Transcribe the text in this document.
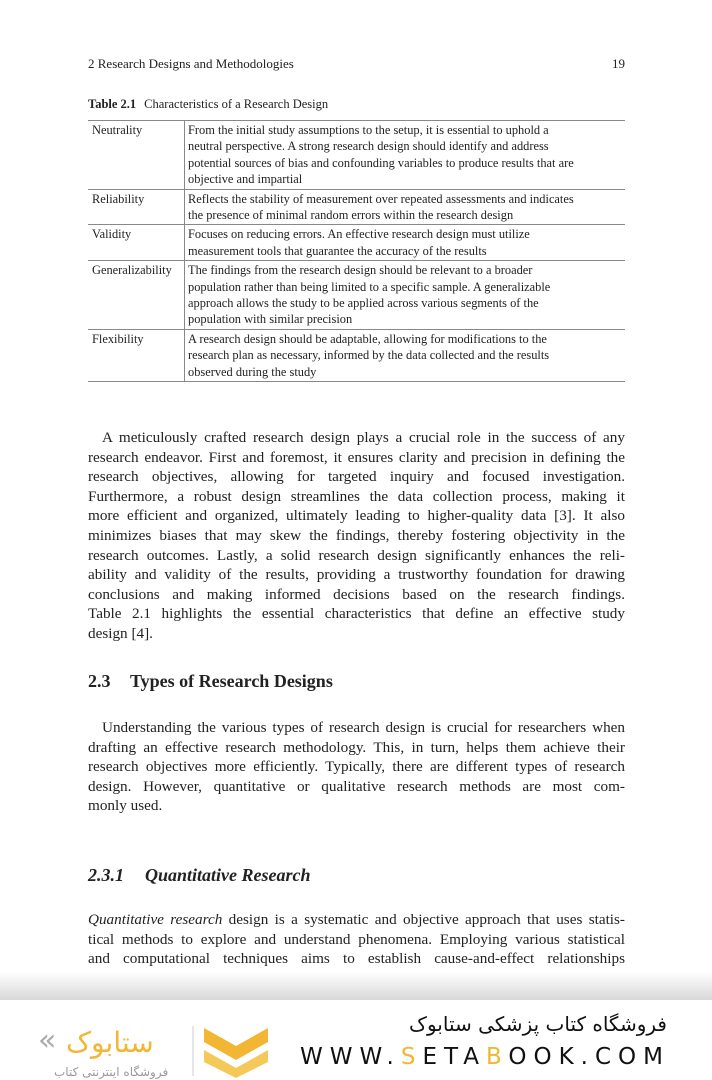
2 Research Designs and Methodologies	19
Table 2.1 Characteristics of a Research Design
Neutrality	From the initial study assumptions to the setup, it is essential to uphold a
neutral perspective. A strong research design should identify and address
potential sources of bias and confounding variables to produce results that are
objective and impartial

Reliability	Reflects the stability of measurement over repeated assessments and indicates
the presence of minimal random errors within the research design

Validity	Focuses on reducing errors. An effective research design must utilize
measurement tools that guarantee the accuracy of the results

Generalizability	The findings from the research design should be relevant to a broader
population rather than being limited to a specific sample. A generalizable
approach allows the study to be applied across various segments of the
population with similar precision

Flexibility	A research design should be adaptable, allowing for modifications to the
research plan as necessary, informed by the data collected and the results
observed during the study
A meticulously crafted research design plays a crucial role in the success of any
research endeavor. First and foremost, it ensures clarity and precision in defining the
research objectives, allowing for targeted inquiry and focused investigation.
Furthermore, a robust design streamlines the data collection process, making it
more efficient and organized, ultimately leading to higher-quality data [3]. It also
minimizes biases that may skew the findings, thereby fostering objectivity in the
research outcomes. Lastly, a solid research design significantly enhances the reli-
ability and validity of the results, providing a trustworthy foundation for drawing
conclusions and making informed decisions based on the research findings.
Table 2.1 highlights the essential characteristics that define an effective study
design [4].
2.3 Types of Research Designs
Understanding the various types of research design is crucial for researchers when
drafting an effective research methodology. This, in turn, helps them achieve their
research objectives more efficiently. Typically, there are different types of research
design. However, quantitative or qualitative research methods are most com-
monly used.
2.3.1 Quantitative Research
Quantitative research design is a systematic and objective approach that uses statis-
tical methods to explore and understand phenomena. Employing various statistical
and computational techniques aims to establish cause-and-effect relationships
« ستابوک
فروشگاه اینترنتی کتاب
فروشگاه کتاب پزشکی ستابوک
WWW.SETABOOK.COM
